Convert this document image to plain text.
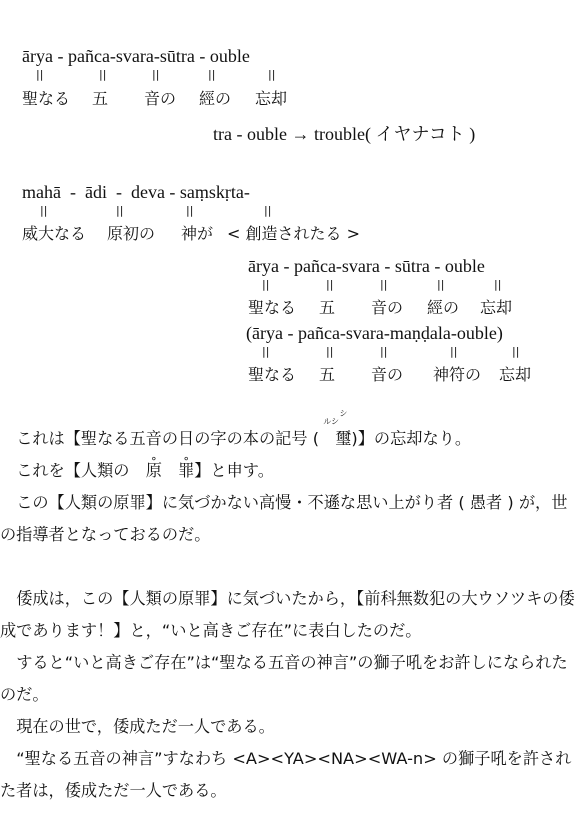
ārya - pañca-svara-sūtra - ouble
||	||	||	||	||
聖なる 五 音の 經の 忘却
tra - ouble → trouble( イヤナコト )
mahā  -  ādi  -  deva - saṃskṛta-
||	||	||	||
威大なる 原初の 神が < 創造されたる >
ārya - pañca-svara - sūtra - ouble
||	||	||	||	||
聖なる 五 音の 經の 忘却
(ārya - pañca-svara-maṇḍala-ouble)
||	||	||	||	||
聖なる 五 音の 神符の 忘却

これは【聖なる五音の日の字の本の記号 (
シルシ
璽)】の忘却なり。

これを【人類の ∘ 原 ∘ 罪】と申す。

この【人類の原罪】に気づかない高慢・不遜な思い上がり者 ( 愚者 ) が，世の指導者となっておるのだ。

倭成は，この【人類の原罪】に気づいたから，【前科無数犯の大ウソツキの倭成であります！】と，“いと高きご存在”に表白したのだ。

すると“いと高きご存在”は“聖なる五音の神言”の獅子吼をお許しになられたのだ。

現在の世で，倭成ただ一人である。

“聖なる五音の神言”すなわち <A><YA><NA><WA-n> の獅子吼を許された者は，倭成ただ一人である。
